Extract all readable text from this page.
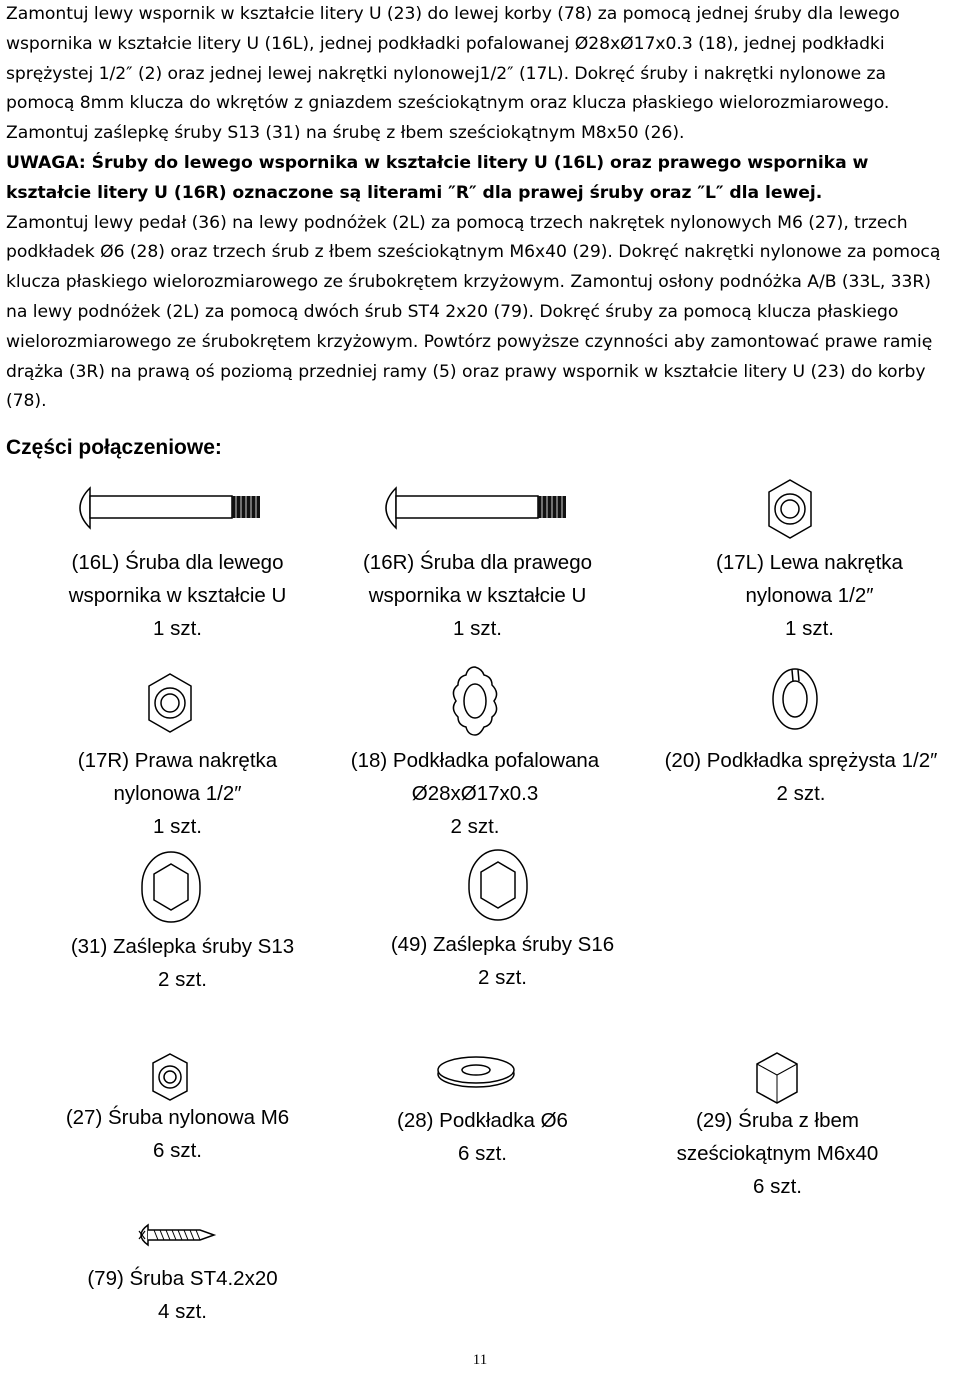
Zamontuj lewy wspornik w kształcie litery U (23) do lewej korby (78) za pomocą jednej śruby dla lewego wspornika w kształcie litery U (16L), jednej podkładki pofalowanej Ø28xØ17x0.3 (18), jednej podkładki sprężystej 1/2″ (2) oraz jednej lewej nakrętki nylonowej1/2″ (17L). Dokręć śruby i nakrętki nylonowe za pomocą 8mm klucza do wkrętów z gniazdem sześciokątnym oraz klucza płaskiego wielorozmiarowego. Zamontuj zaślepkę śruby S13 (31) na śrubę z łbem sześciokątnym M8x50 (26).

UWAGA: Śruby do lewego wspornika w kształcie litery U (16L) oraz prawego wspornika w kształcie litery U (16R) oznaczone są literami ″R″ dla prawej śruby oraz ″L″ dla lewej.

Zamontuj lewy pedał (36) na lewy podnóżek (2L) za pomocą trzech nakrętek nylonowych M6 (27), trzech podkładek Ø6 (28) oraz trzech śrub z łbem sześciokątnym M6x40 (29). Dokręć nakrętki nylonowe za pomocą klucza płaskiego wielorozmiarowego ze śrubokrętem krzyżowym. Zamontuj osłony podnóżka A/B (33L, 33R) na lewy podnóżek (2L) za pomocą dwóch śrub ST4 2x20 (79). Dokręć śruby za pomocą klucza płaskiego wielorozmiarowego ze śrubokrętem krzyżowym. Powtórz powyższe czynności aby zamontować prawe ramię drążka (3R) na prawą oś poziomą przedniej ramy (5) oraz prawy wspornik w kształcie litery U (23) do korby (78).

Części połączeniowe:
(16L) Śruba dla lewego
wspornika w kształcie U
1 szt.
(16R) Śruba dla prawego
wspornika w kształcie U
1 szt.
(17L) Lewa nakrętka
nylonowa 1/2″
1 szt.
(17R) Prawa nakrętka
nylonowa 1/2″
1 szt.
(18) Podkładka pofalowana
Ø28xØ17x0.3
2 szt.
(20) Podkładka sprężysta 1/2″
2 szt.
(31) Zaślepka śruby S13
2 szt.
(49) Zaślepka śruby S16
2 szt.
(27) Śruba nylonowa M6
6 szt.
(28) Podkładka Ø6
6 szt.
(29) Śruba z łbem
sześciokątnym M6x40
6 szt.
(79) Śruba ST4.2x20
4 szt.
11
